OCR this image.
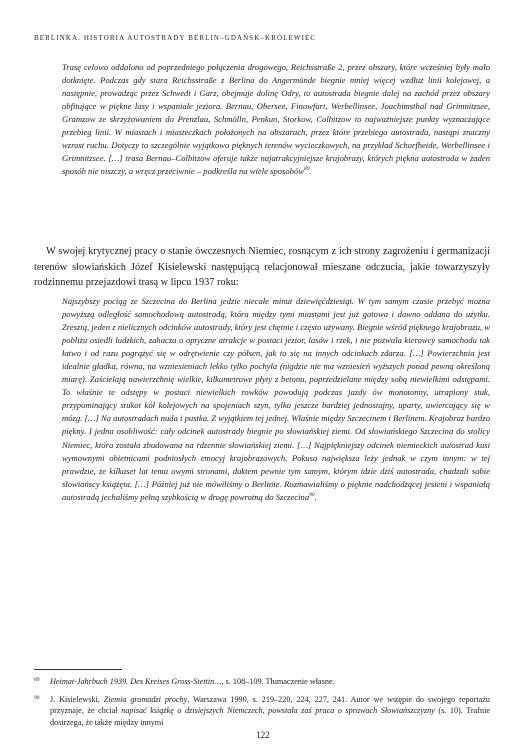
BERLINKA. HISTORIA AUTOSTRADY BERLIN–GDAŃSK–KRÓLEWIEC

Trasę celowo oddalono od poprzedniego połączenia drogowego, Reichsstraße 2, przez obszary, które wcześniej były mało dotknięte. Podczas gdy stara Reichsstraße z Berlina do Angermünde biegnie mniej więcej wzdłuż linii kolejowej, a następnie, prowadząc przez Schwedt i Garz, obejmuje dolinę Odry, to autostrada biegnie dalej na zachód przez obszary obfitujące w piękne lasy i wspaniałe jeziora. Bernau, Obersee, Finowfurt, Werbellinsee, Joachimsthal nad Grimnitzsee, Gramzow ze skrzyżowaniem do Prenzlau, Schmölln, Penkun, Storkow, Colbitzow to najważniejsze punkty wyznaczające przebieg linii. W miastach i miasteczkach położonych na obszarach, przez które przebiega autostrada, nastąpi znaczny wzrost ruchu. Dotyczy to szczególnie wyjątkowo pięknych terenów wycieczkowych, na przykład Schorfheide, Werbellinsee i Grimnitzsee. […] trasa Bernau–Colbitzow oferuje także najatrakcyjniejsze krajobrazy, których piękna autostrada w żaden sposób nie niszczy, a wręcz przeciwnie – podkreśla na wiele sposobów$^{89}$.

W swojej krytycznej pracy o stanie ówczesnych Niemiec, rosnącym z ich strony zagrożeniu i germanizacji terenów słowiańskich Józef Kisielewski następującą relacjonował mieszane odczucia, jakie towarzyszyły rodzinnemu przejazdowi trasą w lipcu 1937 roku:

Najszybszy pociąg ze Szczecina do Berlina jedzie niecałe minut dziewięćdziesiąt. W tym samym czasie przebyć można powyższą odległość samochodową autostradą, która między tymi miastami jest już gotowa i dawno oddana do użytku. Zresztą, jeden z nielicznych odcinków autostrady, który jest chętnie i często używany. Biegnie wśród pięknego krajobrazu, w pobliżu osiedli ludzkich, zahacza o optyczne atrakcje w postaci jezior, lasów i rzek, i nie pozwala kierowcy samochodu tak łatwo i od razu pogrążyć się w odrętwienie czy półsen, jak to się na innych odcinkach zdarza. […] Powierzchnia jest idealnie gładka, równa, na wzniesieniach lekko tylko pochyła (nigdzie nie ma wzniesień wyższych ponad pewną określoną miarę). Zaścielają nawierzchnię wielkie, kilkumetrowe płyty z betonu, poprzedzielane między sobą niewielkimi odstępami. To właśnie te odstępy w postaci niewielkich rowków powodują podczas jazdy ów monotonny, utrapiony stuk, przypominający stukot kół kolejowych na spojeniach szyn, tylko jeszcze bardziej jednostajny, uparty, uwiercający się w mózg. […] Na autostradach nuda i pustka. Z wyjątkiem tej jednej. Właśnie między Szczecinem i Berlinem. Krajobraz bardzo piękny. I jedna osobliwość: cały odcinek autostrady biegnie po słowiańskiej ziemi. Od słowiańskiego Szczecina do stolicy Niemiec, która została zbudowana na rdzennie słowiańskiej ziemi. […] Najpiękniejszy odcinek niemieckich autostrad kusi wymownymi obietnicami podniosłych emocyj krajobrazowych. Pokusa największa leży jednak w czym innym: w tej prawdzie, że kilkaset lat temu owymi stronami, duktem pewnie tym samym, którym idzie dziś autostrada, chadzali sobie słowiańscy książęta. […] Później już nie mówiliśmy o Berlinie. Rozmawialiśmy o pięknie nadchodzącej jesieni i wspaniałą autostradą jechaliśmy pełną szybkością w drogę powrotną do Szczecina$^{90}$.

89	Heimat-Jahrbuch 1939. Des Kreises Gross-Stettin…, s. 108–109. Tłumaczenie własne.
90	J. Kisielewski, Ziemia gromadzi prochy, Warszawa 1990, s. 219–220, 224, 227, 241. Autor we wstępie do swojego reportażu przyznaje, że chciał napisać książkę o dzisiejszych Niemczech, powstała zaś praca o sprawach Słowiańszczyzny (s. 10). Trafnie dostrzega, że także między innymi
122
